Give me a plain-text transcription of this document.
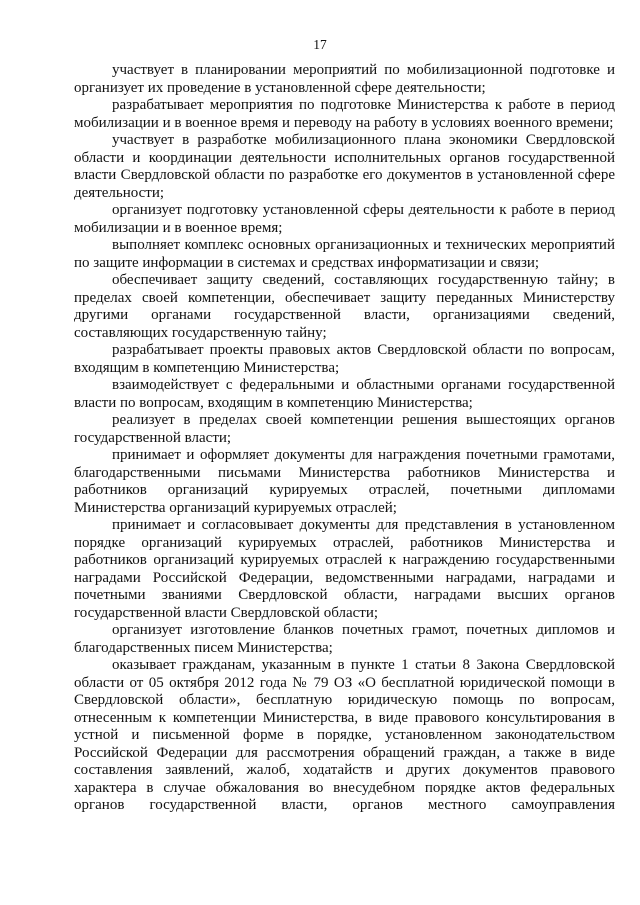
17

участвует в планировании мероприятий по мобилизационной подготовке и организует их проведение в установленной сфере деятельности;

разрабатывает мероприятия по подготовке Министерства к работе в период мобилизации и в военное время и переводу на работу в условиях военного времени;

участвует в разработке мобилизационного плана экономики Свердловской области и координации деятельности исполнительных органов государственной власти Свердловской области по разработке его документов в установленной сфере деятельности;

организует подготовку установленной сферы деятельности к работе в период мобилизации и в военное время;

выполняет комплекс основных организационных и технических мероприятий по защите информации в системах и средствах информатизации и связи;

обеспечивает защиту сведений, составляющих государственную тайну; в пределах своей компетенции, обеспечивает защиту переданных Министерству другими органами государственной власти, организациями сведений, составляющих государственную тайну;

разрабатывает проекты правовых актов Свердловской области по вопросам, входящим в компетенцию Министерства;

взаимодействует с федеральными и областными органами государственной власти по вопросам, входящим в компетенцию Министерства;

реализует в пределах своей компетенции решения вышестоящих органов государственной власти;

принимает и оформляет документы для награждения почетными грамотами, благодарственными письмами Министерства работников Министерства и работников организаций курируемых отраслей, почетными дипломами Министерства организаций курируемых отраслей;

принимает и согласовывает документы для представления в установленном порядке организаций курируемых отраслей, работников Министерства и работников организаций курируемых отраслей к награждению государственными наградами Российской Федерации, ведомственными наградами, наградами и почетными званиями Свердловской области, наградами высших органов государственной власти Свердловской области;

организует изготовление бланков почетных грамот, почетных дипломов и благодарственных писем Министерства;

оказывает гражданам, указанным в пункте 1 статьи 8 Закона Свердловской области от 05 октября 2012 года № 79 ОЗ «О бесплатной юридической помощи в Свердловской области», бесплатную юридическую помощь по вопросам, отнесенным к компетенции Министерства, в виде правового консультирования в устной и письменной форме в порядке, установленном законодательством Российской Федерации для рассмотрения обращений граждан, а также в виде составления заявлений, жалоб, ходатайств и других документов правового характера в случае обжалования во внесудебном порядке актов федеральных органов государственной власти, органов местного самоуправления
